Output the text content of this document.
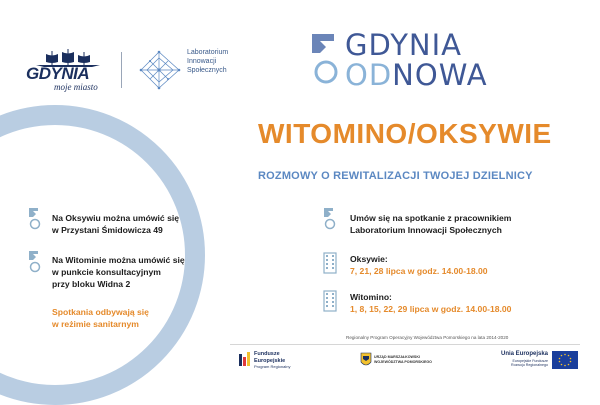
GDYNIA
moje miasto
Laboratorium
Innowacji
Społecznych
GDYNIA
ODNOWA
WITOMINO/OKSYWIE
ROZMOWY O REWITALIZACJI TWOJEJ DZIELNICY
Na Oksywiu można umówić się
w Przystani Śmidowicza 49
Na Witominie można umówić się
w punkcie konsultacyjnym
przy bloku Widna 2
Spotkania odbywają się
w reżimie sanitarnym
Umów się na spotkanie z pracownikiem
Laboratorium Innowacji Społecznych
Oksywie:
7, 21, 28 lipca w godz. 14.00-18.00
Witomino:
1, 8, 15, 22, 29 lipca w godz. 14.00-18.00
Regionalny Program Operacyjny Województwa Pomorskiego na lata 2014-2020
Fundusze
Europejskie
Program Regionalny
URZĄD MARSZAŁKOWSKI
WOJEWÓDZTWA POMORSKIEGO
Unia Europejska
Europejskie Fundusze
Rozwoju Regionalnego
